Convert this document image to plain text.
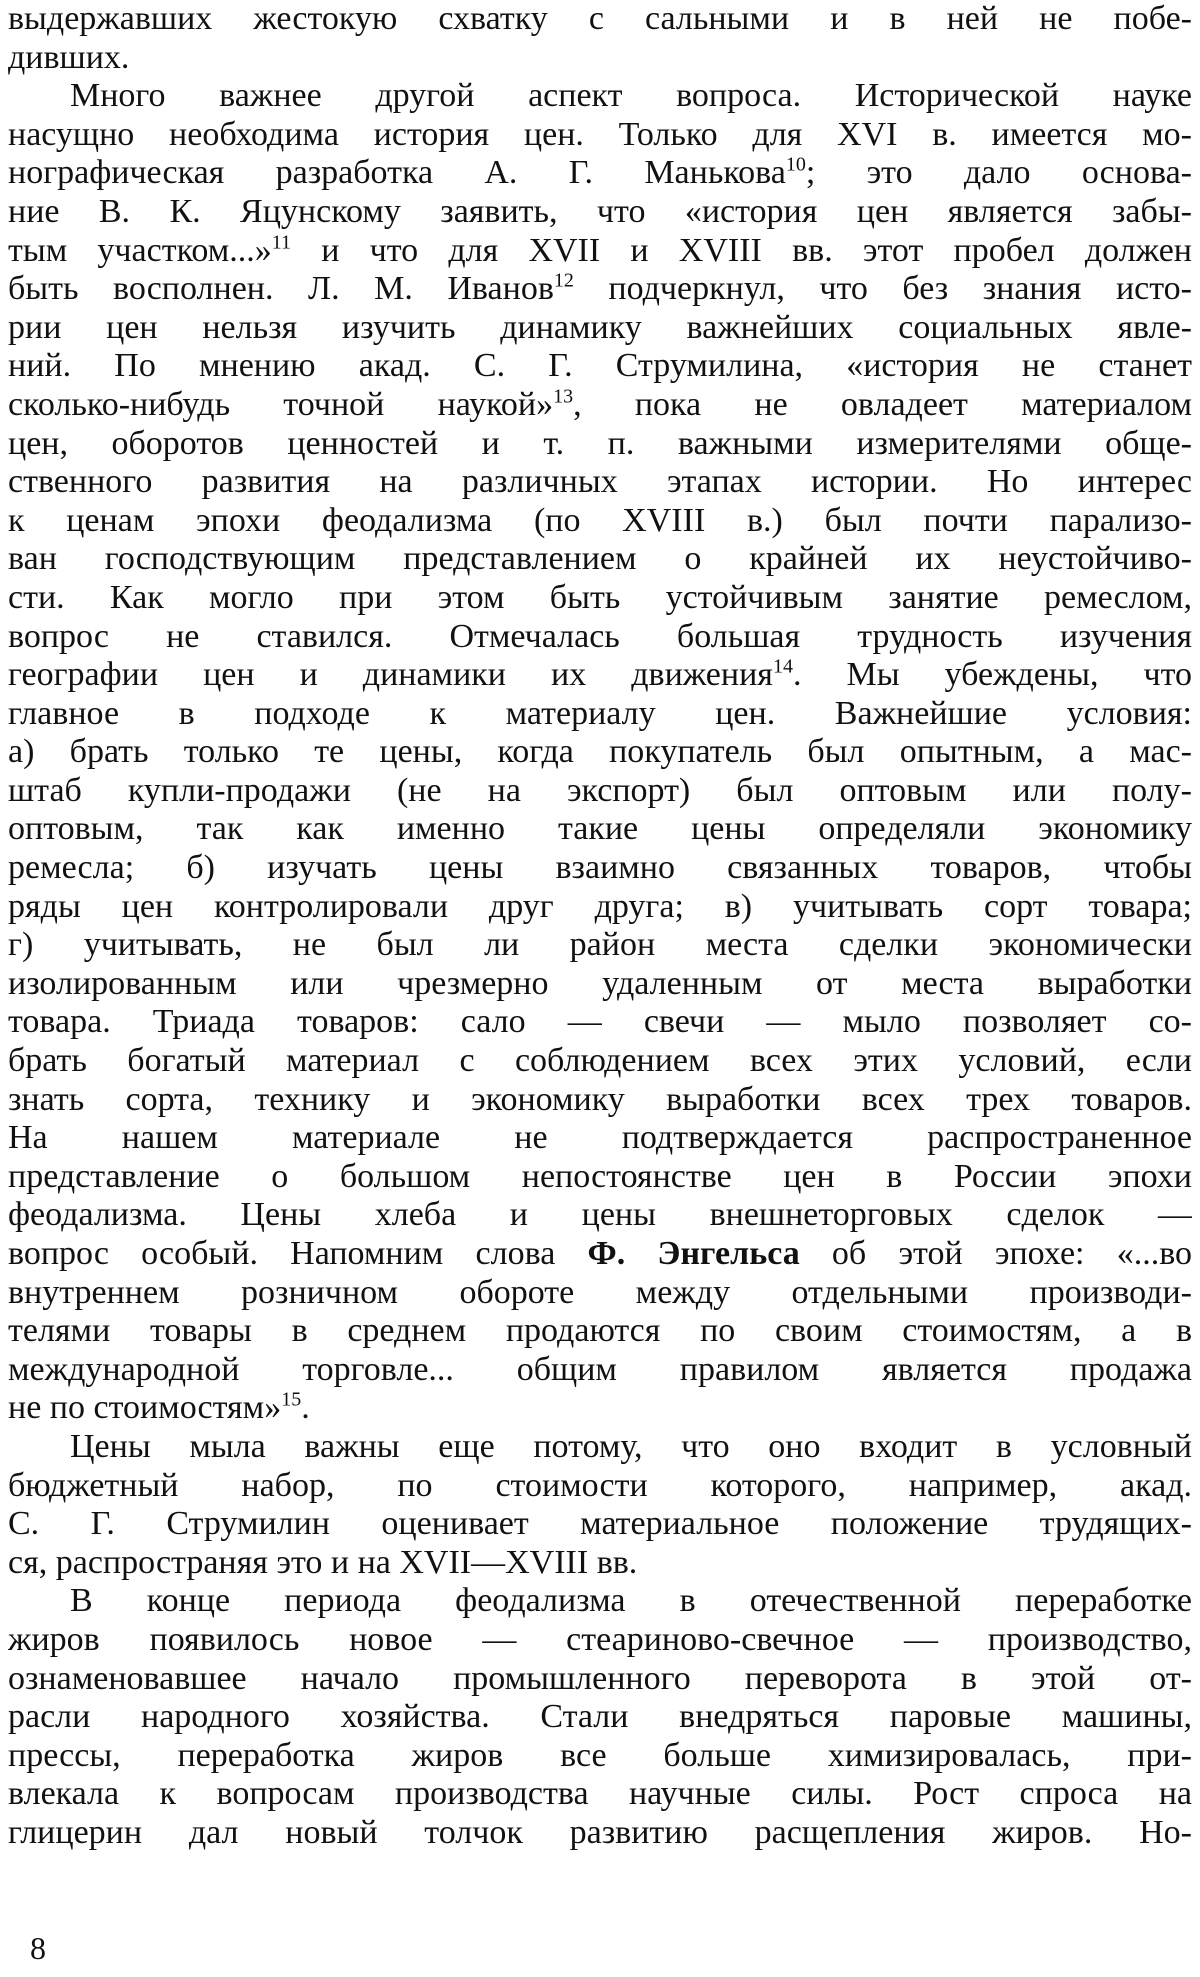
выдержавших жестокую схватку с сальными и в ней не побе-
дивших.
Много важнее другой аспект вопроса. Исторической науке
насущно необходима история цен. Только для XVI в. имеется мо-
нографическая разработка А. Г. Манькова$^{10}$; это дало основа-
ние В. К. Яцунскому заявить, что «история цен является забы-
тым участком...»$^{11}$ и что для XVII и XVIII вв. этот пробел должен
быть восполнен. Л. М. Иванов$^{12}$ подчеркнул, что без знания исто-
рии цен нельзя изучить динамику важнейших социальных явле-
ний. По мнению акад. С. Г. Струмилина, «история не станет
сколько-нибудь точной наукой»$^{13}$, пока не овладеет материалом
цен, оборотов ценностей и т. п. важными измерителями обще-
ственного развития на различных этапах истории. Но интерес
к ценам эпохи феодализма (по XVIII в.) был почти парализо-
ван господствующим представлением о крайней их неустойчиво-
сти. Как могло при этом быть устойчивым занятие ремеслом,
вопрос не ставился. Отмечалась большая трудность изучения
географии цен и динамики их движения$^{14}$. Мы убеждены, что
главное в подходе к материалу цен. Важнейшие условия:
а) брать только те цены, когда покупатель был опытным, а мас-
штаб купли-продажи (не на экспорт) был оптовым или полу-
оптовым, так как именно такие цены определяли экономику
ремесла; б) изучать цены взаимно связанных товаров, чтобы
ряды цен контролировали друг друга; в) учитывать сорт товара;
г) учитывать, не был ли район места сделки экономически
изолированным или чрезмерно удаленным от места выработки
товара. Триада товаров: сало — свечи — мыло позволяет со-
брать богатый материал с соблюдением всех этих условий, если
знать сорта, технику и экономику выработки всех трех товаров.
На нашем материале не подтверждается распространенное
представление о большом непостоянстве цен в России эпохи
феодализма. Цены хлеба и цены внешнеторговых сделок —
вопрос особый. Напомним слова Ф. Энгельса об этой эпохе: «...во
внутреннем розничном обороте между отдельными производи-
телями товары в среднем продаются по своим стоимостям, а в
международной торговле... общим правилом является продажа
не по стоимостям»$^{15}$.
Цены мыла важны еще потому, что оно входит в условный
бюджетный набор, по стоимости которого, например, акад.
С. Г. Струмилин оценивает материальное положение трудящих-
ся, распространяя это и на XVII—XVIII вв.
В конце периода феодализма в отечественной переработке
жиров появилось новое — стеариново-свечное — производство,
ознаменовавшее начало промышленного переворота в этой от-
расли народного хозяйства. Стали внедряться паровые машины,
прессы, переработка жиров все больше химизировалась, при-
влекала к вопросам производства научные силы. Рост спроса на
глицерин дал новый толчок развитию расщепления жиров. Но-
8
